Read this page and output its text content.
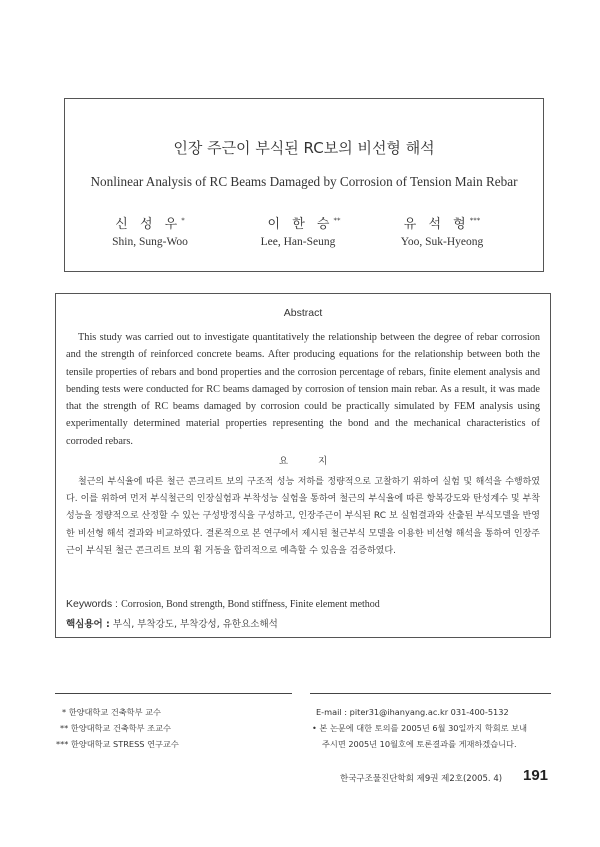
인장 주근이 부식된 RC보의 비선형 해석
Nonlinear Analysis of RC Beams Damaged by Corrosion of Tension Main Rebar
신 성 우*	이 한 승**	유 석 형***
Shin, Sung-Woo	Lee, Han-Seung	Yoo, Suk-Hyeong
Abstract
This study was carried out to investigate quantitatively the relationship between the degree of rebar corrosion and the strength of reinforced concrete beams. After producing equations for the relationship between both the tensile properties of rebars and bond properties and the corrosion percentage of rebars, finite element analysis and bending tests were conducted for RC beams damaged by corrosion of tension main rebar. As a result, it was made that the strength of RC beams damaged by corrosion could be practically simulated by FEM analysis using experimentally determined material properties representing the bond and the mechanical characteristics of corroded rebars.
요지
철근의 부식율에 따른 철근 콘크리트 보의 구조적 성능 저하를 정량적으로 고찰하기 위하여 실험 및 해석을 수행하였다. 이를 위하여 먼저 부식철근의 인장실험과 부착성능 실험을 통하여 철근의 부식율에 따른 항복강도와 탄성계수 및 부착성능을 정량적으로 산정할 수 있는 구성방정식을 구성하고, 인장주근이 부식된 RC 보 실험결과와 산출된 부식모델을 반영한 비선형 해석 결과와 비교하였다. 결론적으로 본 연구에서 제시된 철근부식 모델을 이용한 비선형 해석을 통하여 인장주근이 부식된 철근 콘크리트 보의 휨 거동을 합리적으로 예측할 수 있음을 검증하였다.
Keywords : Corrosion, Bond strength, Bond stiffness, Finite element method
핵심용어 : 부식, 부착강도, 부착강성, 유한요소해석
* 한양대학교 건축학부 교수
** 한양대학교 건축학부 조교수
*** 한양대학교 STRESS 연구교수
E-mail : piter31@ihanyang.ac.kr 031-400-5132
• 본 논문에 대한 토의를 2005년 6월 30일까지 학회로 보내
주시면 2005년 10월호에 토론결과를 게재하겠습니다.
한국구조물진단학회 제9권 제2호(2005. 4) 191
